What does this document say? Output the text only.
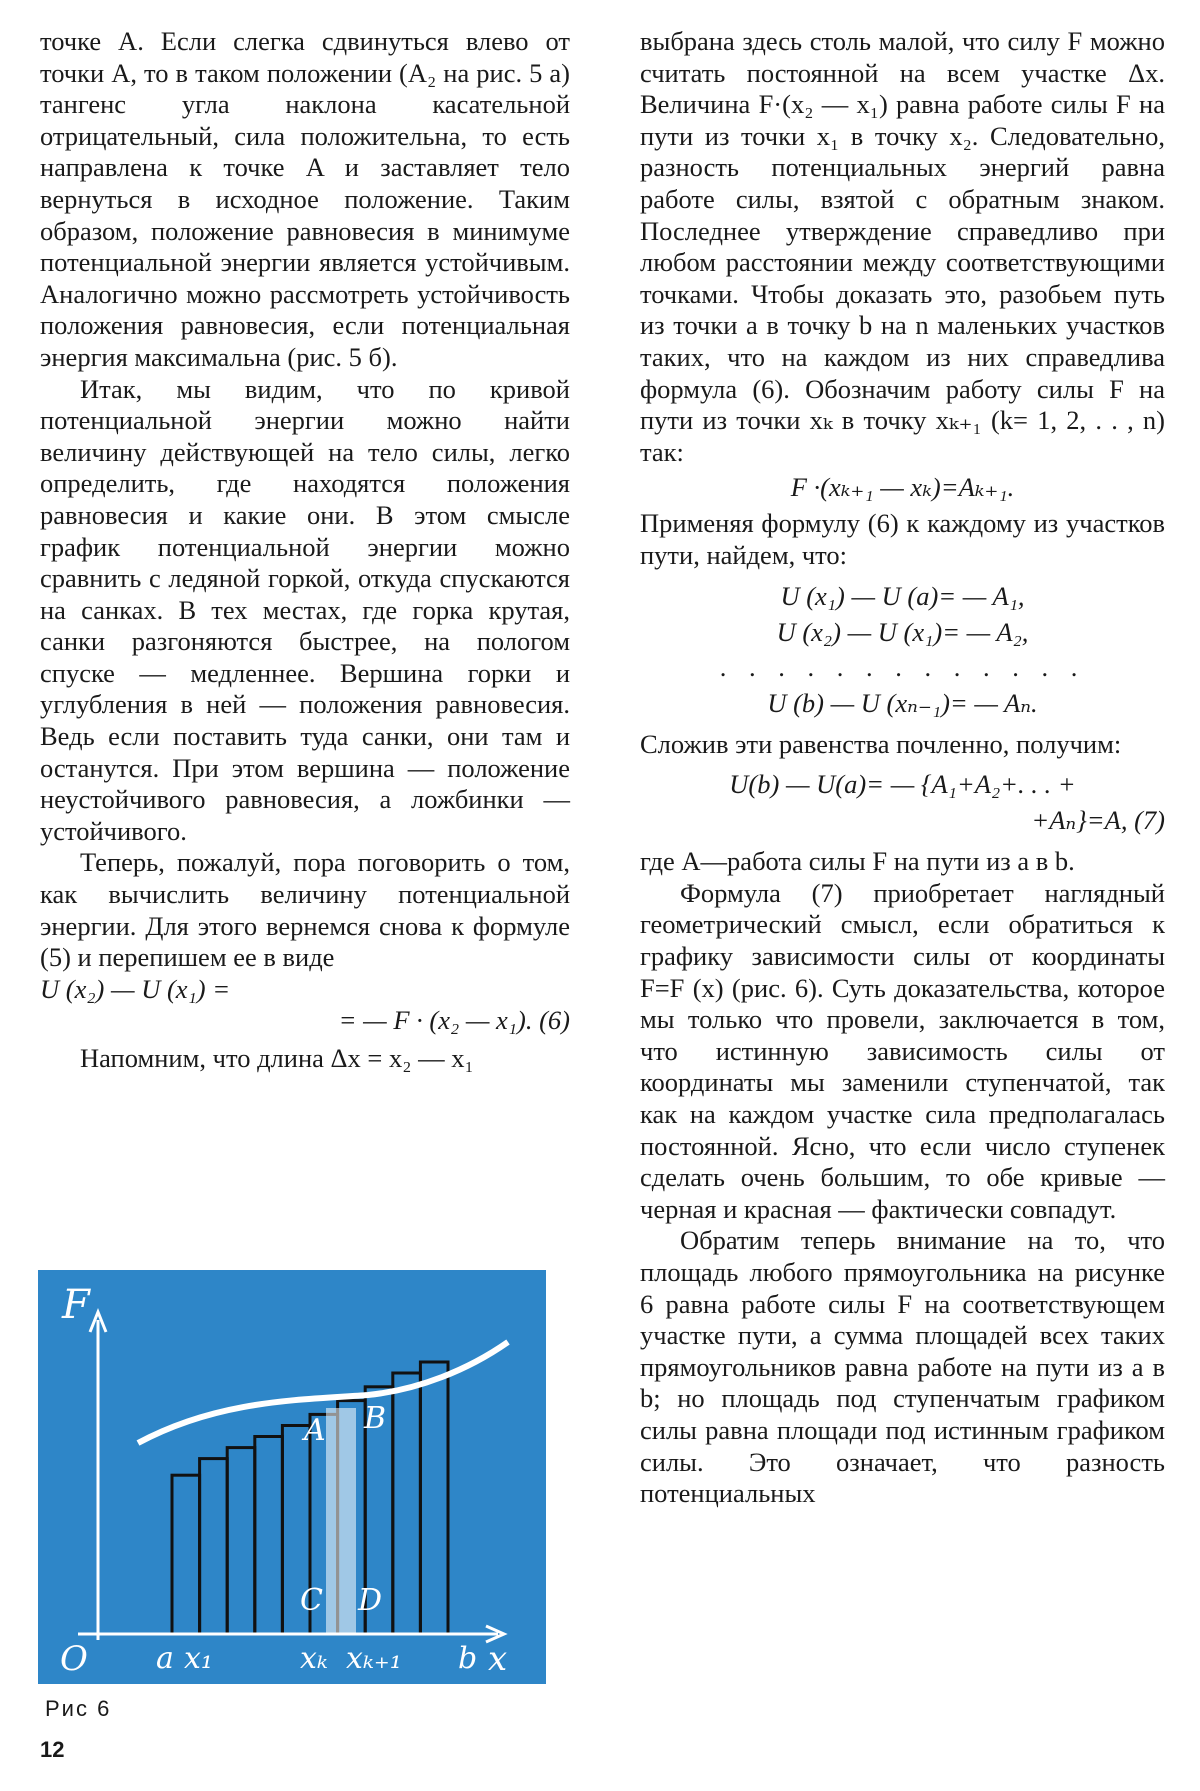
точке A. Если слегка сдвинуться влево от точки A, то в таком положении (A₂ на рис. 5 а) тангенс угла наклона касательной отрицательный, сила положительна, то есть направлена к точке A и заставляет тело вернуться в исходное положение. Таким образом, положение равновесия в минимуме потенциальной энергии является устойчивым. Аналогично можно рассмотреть устойчивость положения равновесия, если потенциальная энергия максимальна (рис. 5 б).

Итак, мы видим, что по кривой потенциальной энергии можно найти величину действующей на тело силы, легко определить, где находятся положения равновесия и какие они. В этом смысле график потенциальной энергии можно сравнить с ледяной горкой, откуда спускаются на санках. В тех местах, где горка крутая, санки разгоняются быстрее, на пологом спуске — медленнее. Вершина горки и углубления в ней — положения равновесия. Ведь если поставить туда санки, они там и останутся. При этом вершина — положение неустойчивого равновесия, а ложбинки — устойчивого.

Теперь, пожалуй, пора поговорить о том, как вычислить величину потенциальной энергии. Для этого вернемся снова к формуле (5) и перепишем ее в виде

U (x₂) — U (x₁) =
= — F · (x₂ — x₁). (6)

Напомним, что длина Δx = x₂ — x₁

выбрана здесь столь малой, что силу F можно считать постоянной на всем участке Δx. Величина F·(x₂ — x₁) равна работе силы F на пути из точки x₁ в точку x₂. Следовательно, разность потенциальных энергий равна работе силы, взятой с обратным знаком. Последнее утверждение справедливо при любом расстоянии между соответствующими точками. Чтобы доказать это, разобьем путь из точки a в точку b на n маленьких участков таких, что на каждом из них справедлива формула (6). Обозначим работу силы F на пути из точки xₖ в точку xₖ₊₁ (k= 1, 2, . . , n) так:

F ·(xₖ₊₁ — xₖ)=Aₖ₊₁.

Применяя формулу (6) к каждому из участков пути, найдем, что:

U (x₁) — U (a)= — A₁,
U (x₂) — U (x₁)= — A₂,
. . . . . . . . . . . . .
U (b) — U (xₙ₋₁)= — Aₙ.

Сложив эти равенства почленно, получим:

U(b) — U(a)= — {A₁+A₂+. . . +
+Aₙ}=A, (7)

где A—работа силы F на пути из a в b.

Формула (7) приобретает наглядный геометрический смысл, если обратиться к графику зависимости силы от координаты F=F (x) (рис. 6). Суть доказательства, которое мы только что провели, заключается в том, что истинную зависимость силы от координаты мы заменили ступенчатой, так как на каждом участке сила предполагалась постоянной. Ясно, что если число ступенек сделать очень большим, то обе кривые — черная и красная — фактически совпадут.

Обратим теперь внимание на то, что площадь любого прямоугольника на рисунке 6 равна работе силы F на соответствующем участке пути, а сумма площадей всех таких прямоугольников равна работе на пути из a в b; но площадь под ступенчатым графиком силы равна площади под истинным графиком силы. Это означает, что разность потенциальных

F
O	x
a x₁	xₖ xₖ₊₁ b
A B
C D
Рис 6
12
